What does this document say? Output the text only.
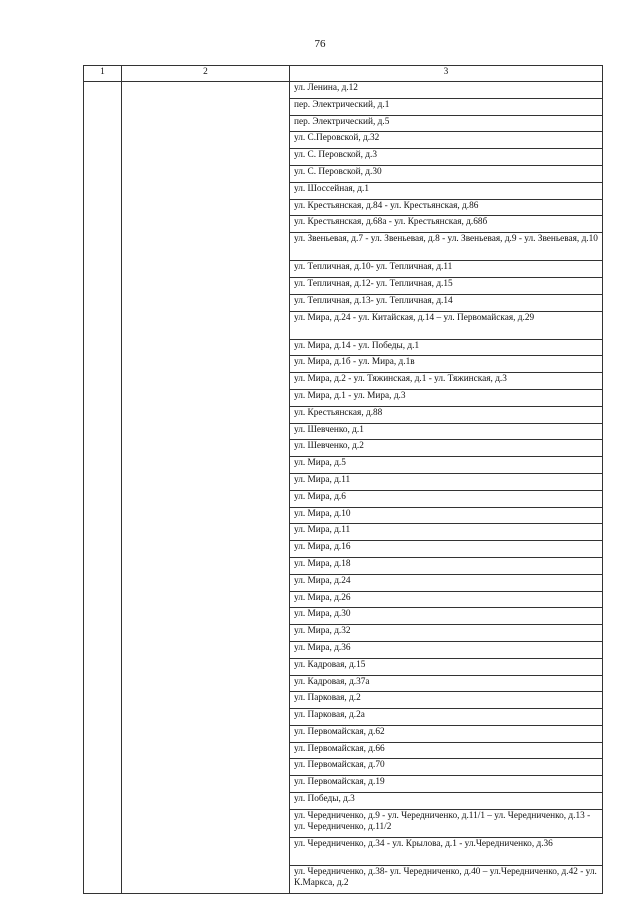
76
1	2	3
		ул. Ленина, д.12
		пер. Электрический, д.1
		пер. Электрический, д.5
		ул. С.Перовской, д.32
		ул. С. Перовской, д.3
		ул. С. Перовской, д.30
		ул. Шоссейная, д.1
		ул. Крестьянская, д.84 - ул. Крестьянская, д.86
		ул. Крестьянская, д.68а - ул. Крестьянская, д.68б
		ул. Звеньевая, д.7 - ул. Звеньевая, д.8 - ул. Звеньевая, д.9 - ул. Звеньевая, д.10
		ул. Тепличная, д.10- ул. Тепличная, д.11
		ул. Тепличная, д.12- ул. Тепличная, д.15
		ул. Тепличная, д.13- ул. Тепличная, д.14
		ул. Мира, д.24 - ул. Китайская, д.14 – ул. Первомайская, д.29
		ул. Мира, д.14 - ул. Победы, д.1
		ул. Мира, д.1б - ул. Мира, д.1в
		ул. Мира, д.2 - ул. Тяжинская, д.1 - ул. Тяжинская, д.3
		ул. Мира, д.1 - ул. Мира, д.3
		ул. Крестьянская, д.88
		ул. Шевченко, д.1
		ул. Шевченко, д.2
		ул. Мира, д.5
		ул. Мира, д.11
		ул. Мира, д.6
		ул. Мира, д.10
		ул. Мира, д.11
		ул. Мира, д.16
		ул. Мира, д.18
		ул. Мира, д.24
		ул. Мира, д.26
		ул. Мира, д.30
		ул. Мира, д.32
		ул. Мира, д.36
		ул. Кадровая, д.15
		ул. Кадровая, д.37а
		ул. Парковая, д.2
		ул. Парковая, д.2а
		ул. Первомайская, д.62
		ул. Первомайская, д.66
		ул. Первомайская, д.70
		ул. Первомайская, д.19
		ул. Победы, д.3
		ул. Чередниченко, д.9 - ул. Чередниченко, д.11/1 – ул. Чередниченко, д.13 - ул. Чередниченко, д.11/2
		ул. Чередниченко, д.34 - ул. Крылова, д.1 - ул.Чередниченко, д.36
		ул. Чередниченко, д.38- ул. Чередниченко, д.40 – ул.Чередниченко, д.42 - ул. К.Маркса, д.2
